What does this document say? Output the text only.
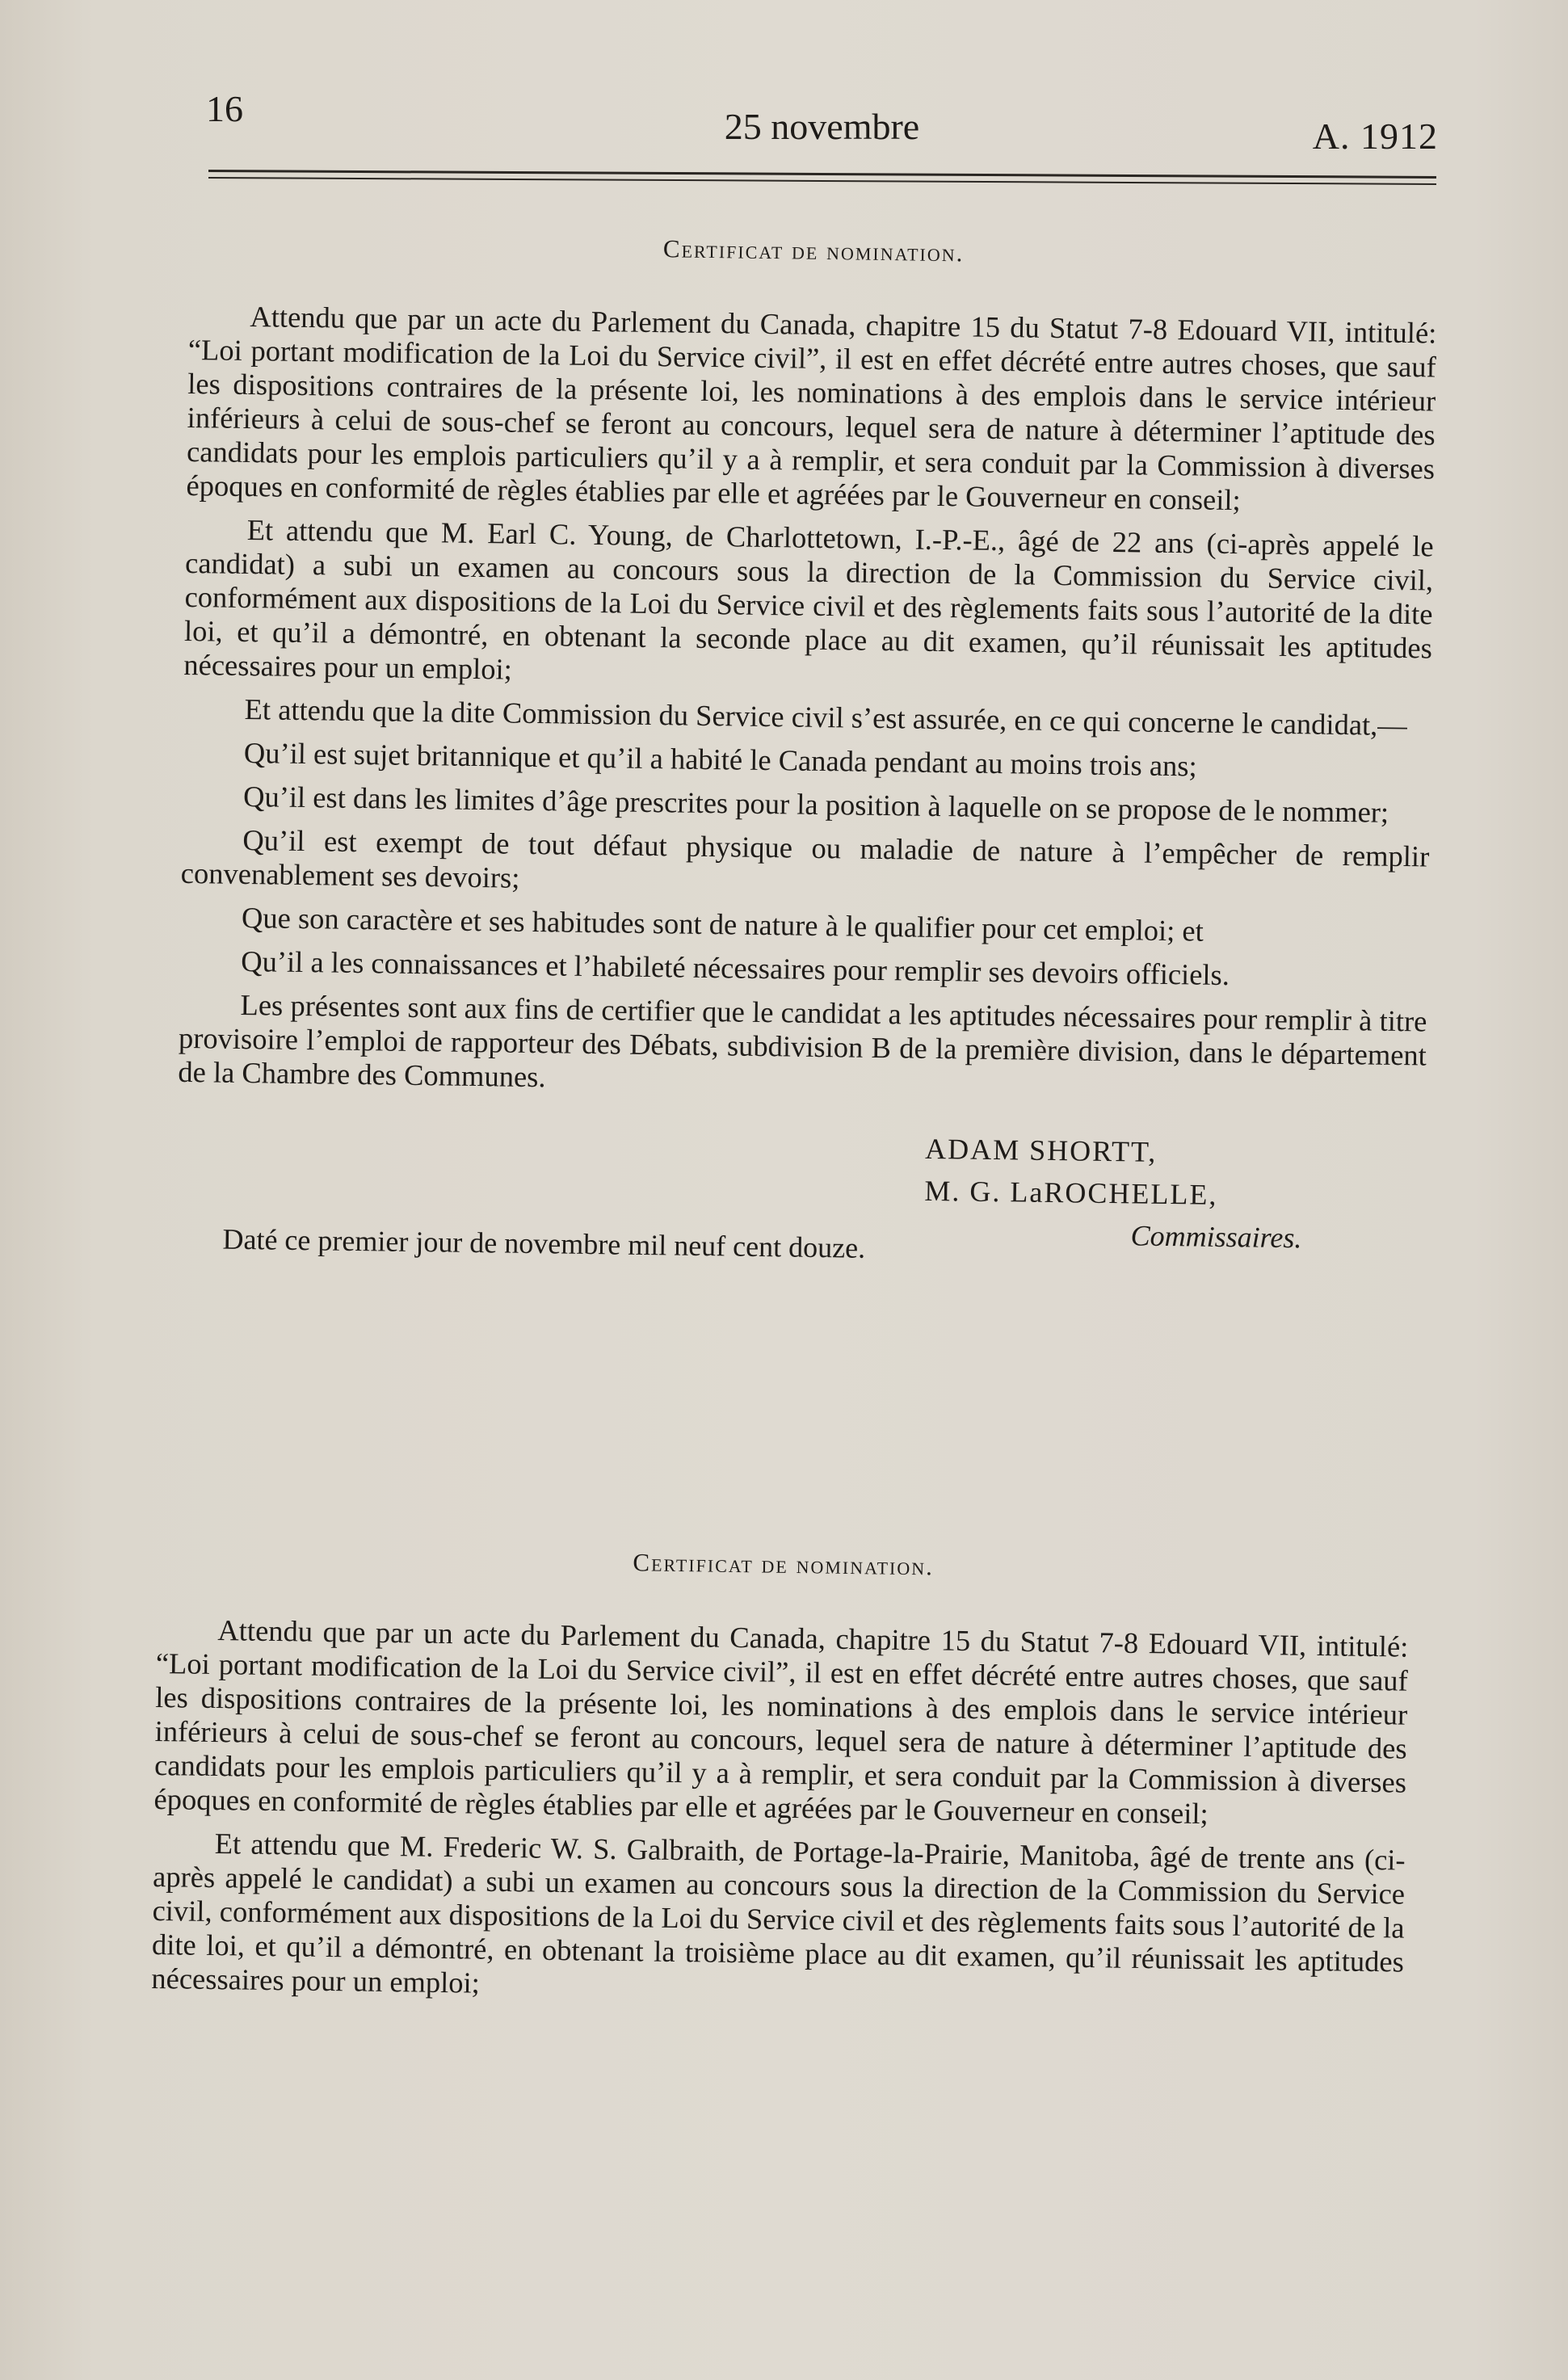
16	25 novembre	A. 1912
Certificat de nomination.

Attendu que par un acte du Parlement du Canada, chapitre 15 du Statut 7-8 Edouard VII, intitulé: “Loi portant modification de la Loi du Service civil”, il est en effet décrété entre autres choses, que sauf les dispositions contraires de la présente loi, les nominations à des emplois dans le service intérieur inférieurs à celui de sous-chef se feront au concours, lequel sera de nature à déterminer l’aptitude des candidats pour les emplois particuliers qu’il y a à remplir, et sera conduit par la Commission à diverses époques en conformité de règles établies par elle et agréées par le Gouverneur en conseil;

Et attendu que M. Earl C. Young, de Charlottetown, I.-P.-E., âgé de 22 ans (ci-après appelé le candidat) a subi un examen au concours sous la direction de la Commission du Service civil, conformément aux dispositions de la Loi du Service civil et des règlements faits sous l’autorité de la dite loi, et qu’il a démontré, en obtenant la seconde place au dit examen, qu’il réunissait les aptitudes nécessaires pour un emploi;

Et attendu que la dite Commission du Service civil s’est assurée, en ce qui concerne le candidat,—

Qu’il est sujet britannique et qu’il a habité le Canada pendant au moins trois ans;

Qu’il est dans les limites d’âge prescrites pour la position à laquelle on se propose de le nommer;

Qu’il est exempt de tout défaut physique ou maladie de nature à l’empêcher de remplir convenablement ses devoirs;

Que son caractère et ses habitudes sont de nature à le qualifier pour cet emploi; et

Qu’il a les connaissances et l’habileté nécessaires pour remplir ses devoirs officiels.

Les présentes sont aux fins de certifier que le candidat a les aptitudes nécessaires pour remplir à titre provisoire l’emploi de rapporteur des Débats, subdivision B de la première division, dans le département de la Chambre des Communes.

ADAM SHORTT,
M. G. LaROCHELLE,
Commissaires.
Daté ce premier jour de novembre mil neuf cent douze.
Certificat de nomination.

Attendu que par un acte du Parlement du Canada, chapitre 15 du Statut 7-8 Edouard VII, intitulé: “Loi portant modification de la Loi du Service civil”, il est en effet décrété entre autres choses, que sauf les dispositions contraires de la présente loi, les nominations à des emplois dans le service intérieur inférieurs à celui de sous-chef se feront au concours, lequel sera de nature à déterminer l’aptitude des candidats pour les emplois particuliers qu’il y a à remplir, et sera conduit par la Commission à diverses époques en conformité de règles établies par elle et agréées par le Gouverneur en conseil;

Et attendu que M. Frederic W. S. Galbraith, de Portage-la-Prairie, Manitoba, âgé de trente ans (ci-après appelé le candidat) a subi un examen au concours sous la direction de la Commission du Service civil, conformément aux dispositions de la Loi du Service civil et des règlements faits sous l’autorité de la dite loi, et qu’il a démontré, en obtenant la troisième place au dit examen, qu’il réunissait les aptitudes nécessaires pour un emploi;
